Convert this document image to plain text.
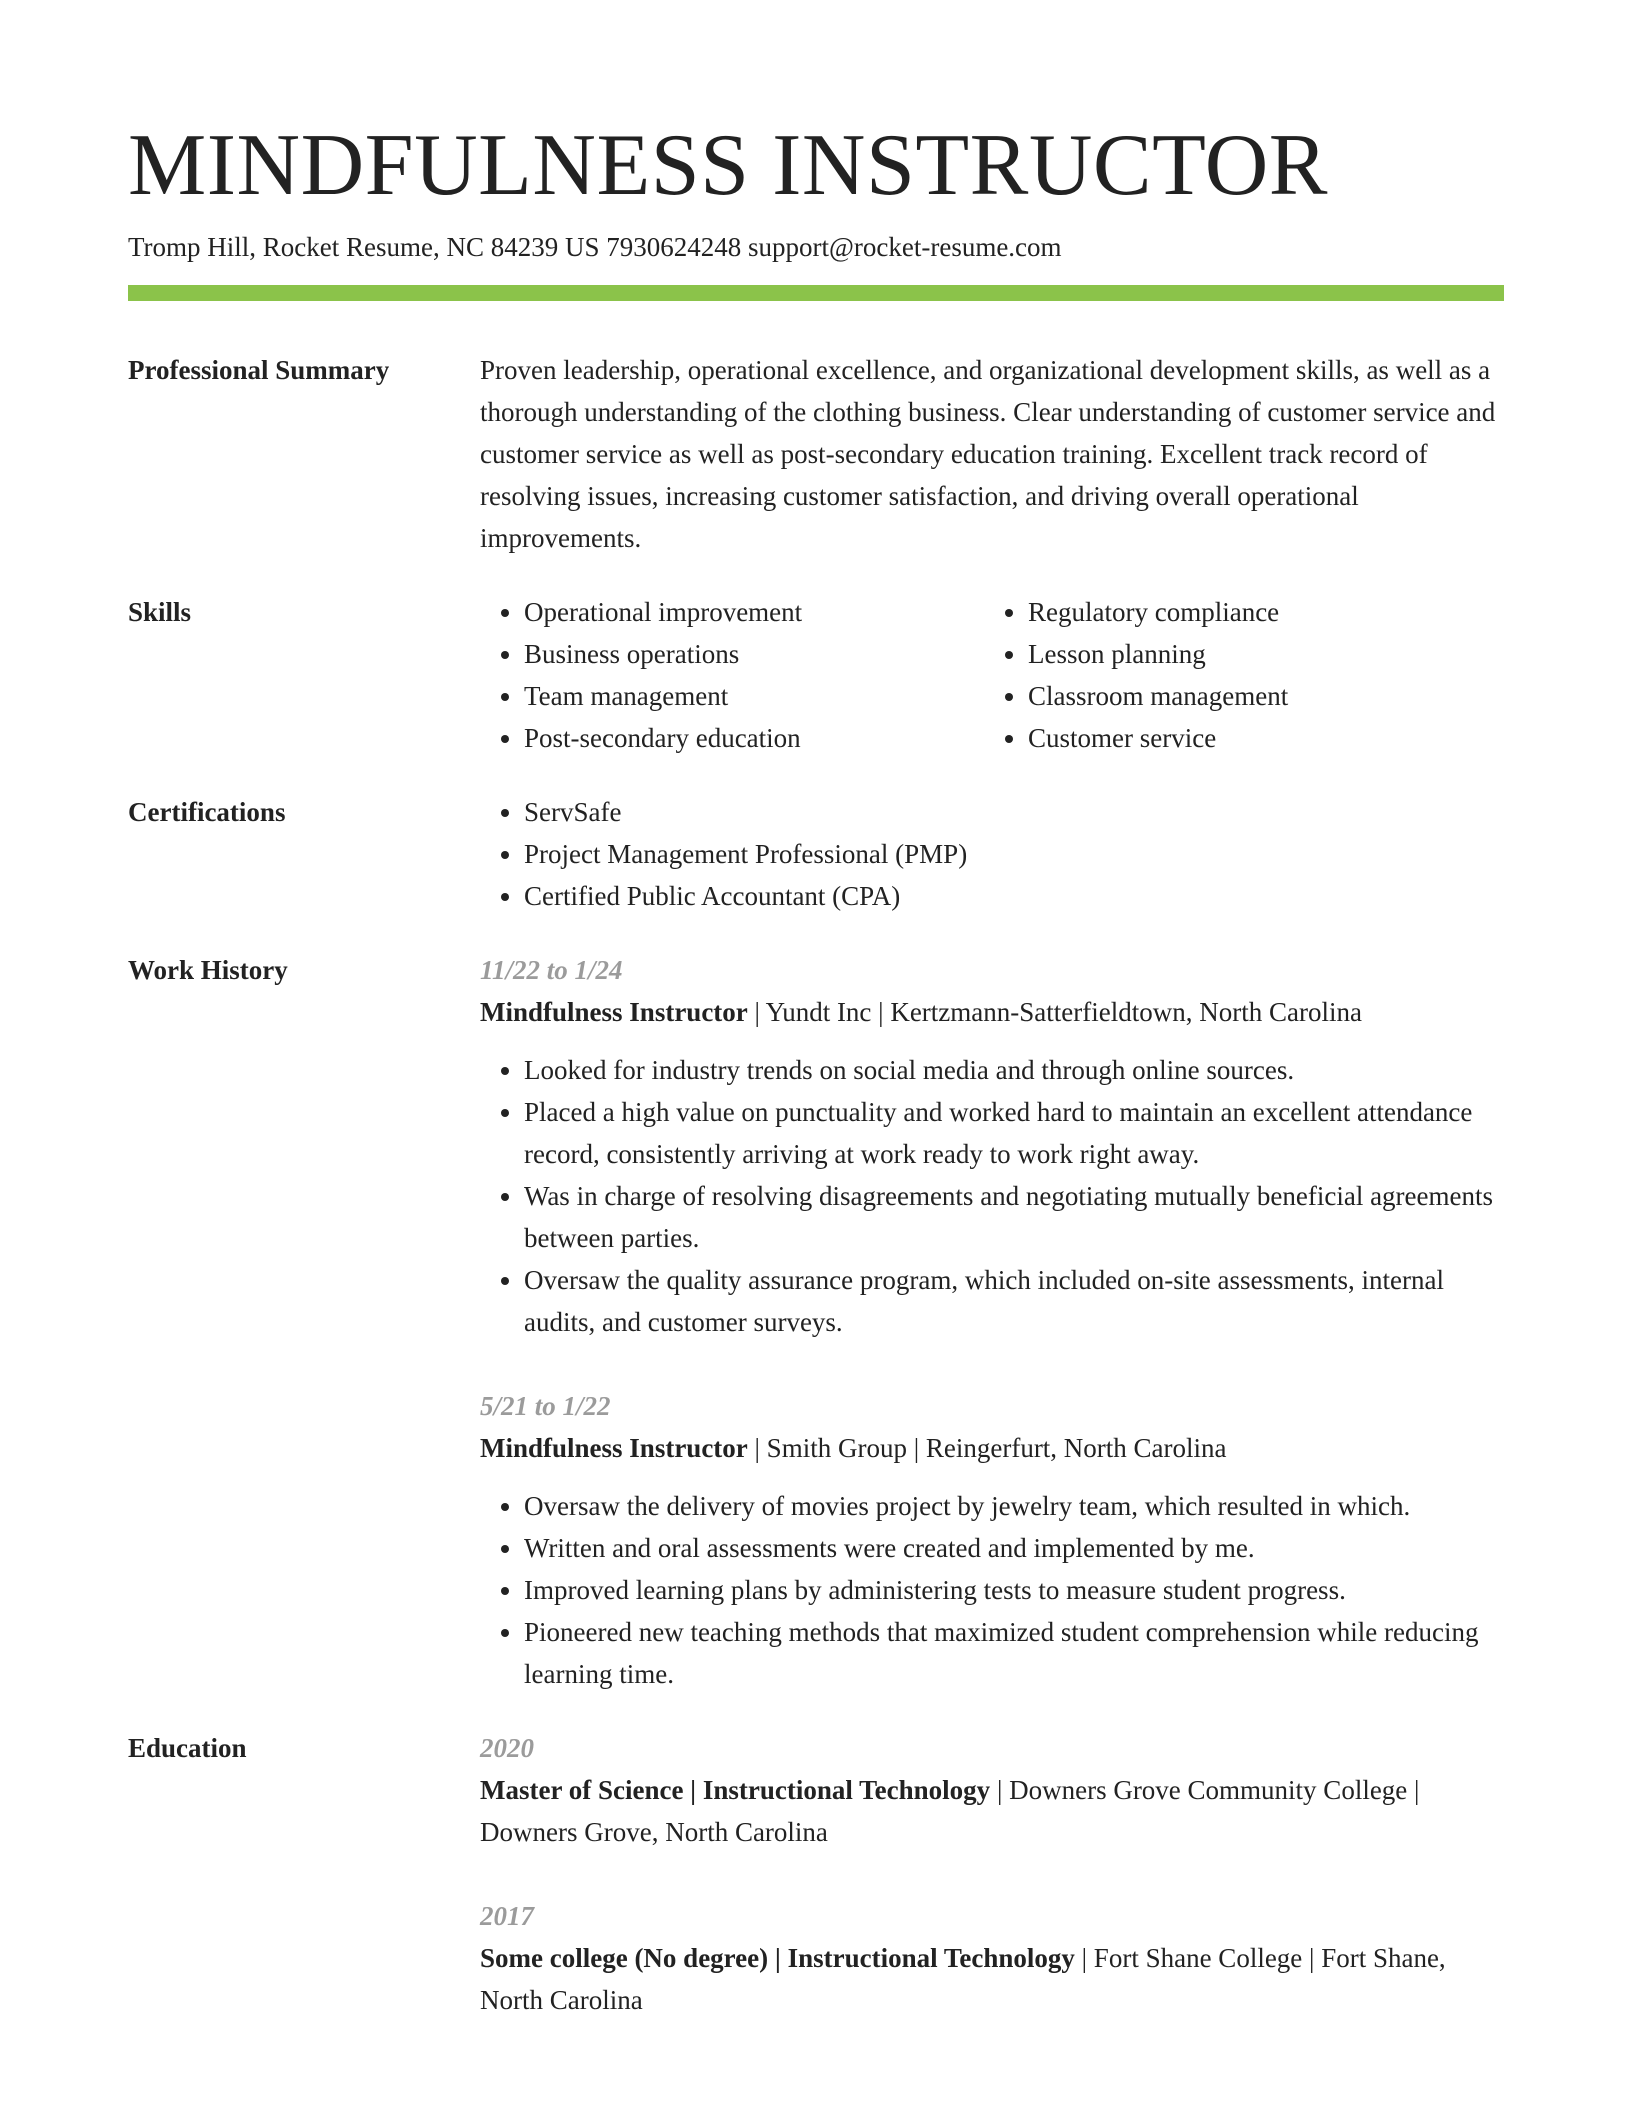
MINDFULNESS INSTRUCTOR

Tromp Hill, Rocket Resume, NC 84239 US 7930624248 support@rocket-resume.com

Professional Summary	Proven leadership, operational excellence, and organizational development skills, as well as a thorough understanding of the clothing business. Clear understanding of customer service and customer service as well as post-secondary education training. Excellent track record of resolving issues, increasing customer satisfaction, and driving overall operational improvements.

Skills	• Operational improvement
• Business operations
• Team management
• Post-secondary education
• Regulatory compliance
• Lesson planning
• Classroom management
• Customer service
Certifications	• ServSafe
• Project Management Professional (PMP)
• Certified Public Accountant (CPA)
Work History	11/22 to 1/24

Mindfulness Instructor | Yundt Inc | Kertzmann-Satterfieldtown, North Carolina

• Looked for industry trends on social media and through online sources.
• Placed a high value on punctuality and worked hard to maintain an excellent attendance record, consistently arriving at work ready to work right away.
• Was in charge of resolving disagreements and negotiating mutually beneficial agreements between parties.
• Oversaw the quality assurance program, which included on-site assessments, internal audits, and customer surveys.

5/21 to 1/22

Mindfulness Instructor | Smith Group | Reingerfurt, North Carolina

• Oversaw the delivery of movies project by jewelry team, which resulted in which.
• Written and oral assessments were created and implemented by me.
• Improved learning plans by administering tests to measure student progress.
• Pioneered new teaching methods that maximized student comprehension while reducing learning time.
Education	2020

Master of Science | Instructional Technology | Downers Grove Community College | Downers Grove, North Carolina

2017

Some college (No degree) | Instructional Technology | Fort Shane College | Fort Shane, North Carolina
